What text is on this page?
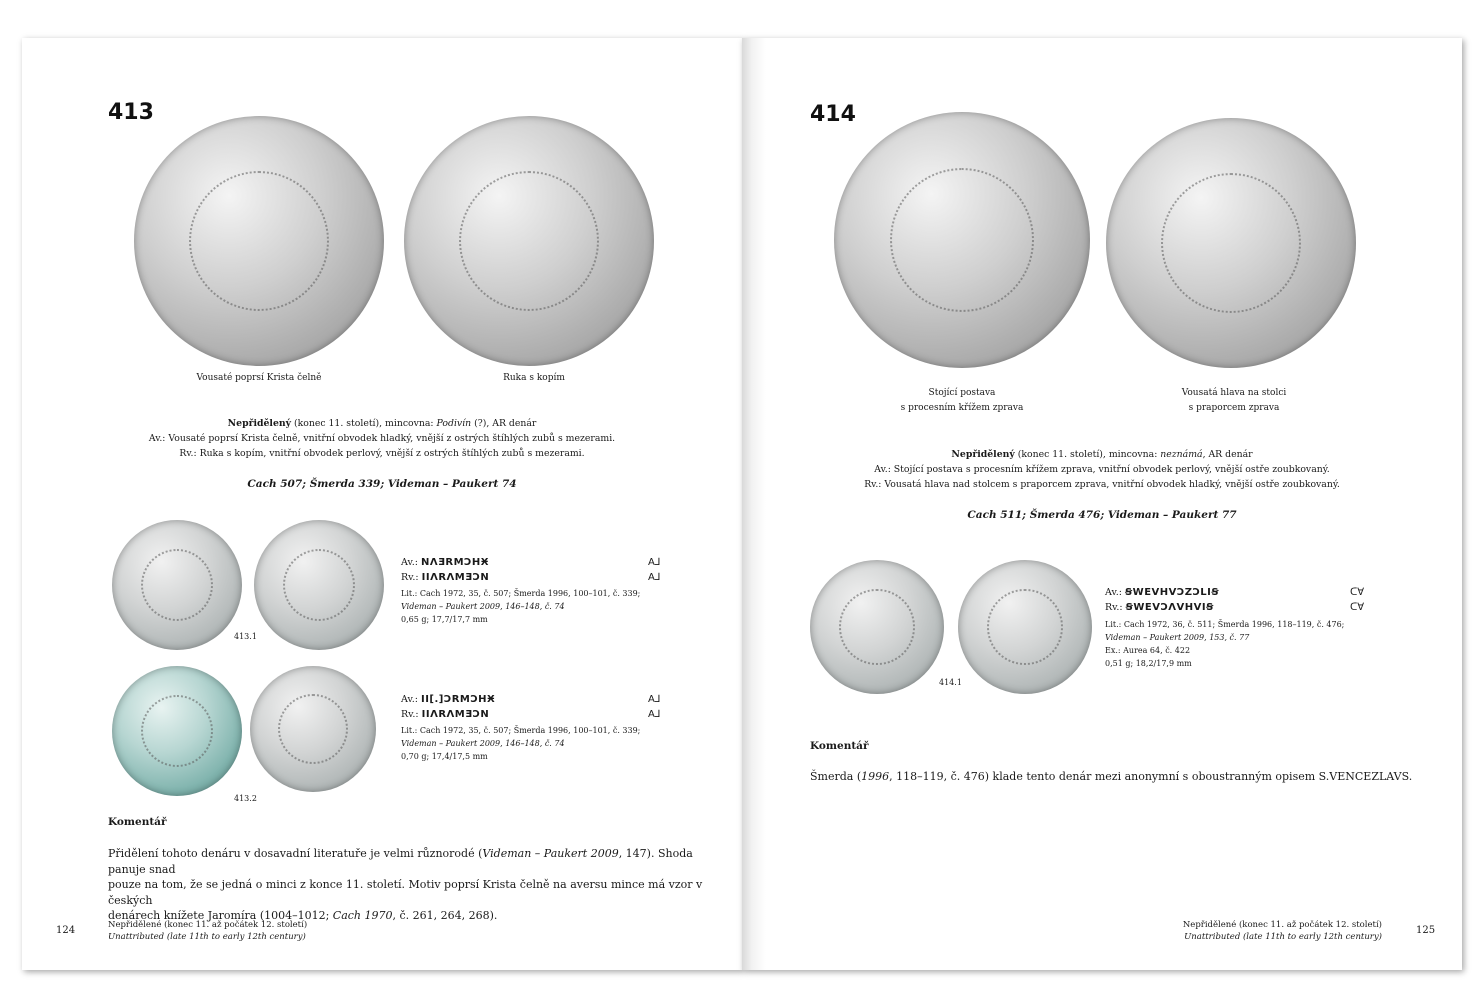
413
Vousaté poprsí Krista čelně	Ruka s kopím
Nepřidělený (konec 11. století), mincovna: Podivín (?), AR denár
Av.: Vousaté poprsí Krista čelně, vnitřní obvodek hladký, vnější z ostrých štíhlých zubů s mezerami.
Rv.: Ruka s kopím, vnitřní obvodek perlový, vnější z ostrých štíhlých zubů s mezerami.
Cach 507; Šmerda 339; Videman – Paukert 74
413.1
Av.: NΛƎRMƆНӾ
Rv.: IIΛRΛMƎƆN
A⅃
A⅃
Lit.: Cach 1972, 35, č. 507; Šmerda 1996, 100–101, č. 339;
Videman – Paukert 2009, 146–148, č. 74
0,65 g; 17,7/17,7 mm
413.2
Av.: II[.]ƆRMƆНӾ
Rv.: IIΛRΛMƎƆN
A⅃
A⅃
Lit.: Cach 1972, 35, č. 507; Šmerda 1996, 100–101, č. 339;
Videman – Paukert 2009, 146–148, č. 74
0,70 g; 17,4/17,5 mm
Komentář
Přidělení tohoto denáru v dosavadní literatuře je velmi různorodé (Videman – Paukert 2009, 147). Shoda panuje snad
pouze na tom, že se jedná o minci z konce 11. století. Motiv poprsí Krista čelně na aversu mince má vzor v českých
denárech knížete Jaromíra (1004–1012; Cach 1970, č. 261, 264, 268).
124	Nepřidělené (konec 11. až počátek 12. století)
Unattributed (late 11th to early 12th century)
414
Stojící postava
s procesním křížem zprava
Vousatá hlava na stolci
s praporcem zprava
Nepřidělený (konec 11. století), mincovna: neznámá, AR denár
Av.: Stojící postava s procesním křížem zprava, vnitřní obvodek perlový, vnější ostře zoubkovaný.
Rv.: Vousatá hlava nad stolcem s praporcem zprava, vnitřní obvodek hladký, vnější ostře zoubkovaný.
Cach 511; Šmerda 476; Videman – Paukert 77
414.1
Av.: ꞨWEVHVƆZƆLIꞨ
Rv.: ꞨWEVƆΛVHVIꞨ
ᑕ∀
ᑕ∀
Lit.: Cach 1972, 36, č. 511; Šmerda 1996, 118–119, č. 476;
Videman – Paukert 2009, 153, č. 77
Ex.: Aurea 64, č. 422
0,51 g; 18,2/17,9 mm
Komentář
Šmerda (1996, 118–119, č. 476) klade tento denár mezi anonymní s oboustranným opisem S.VENCEZLAVS.
Nepřidělené (konec 11. až počátek 12. století)
Unattributed (late 11th to early 12th century)
125
